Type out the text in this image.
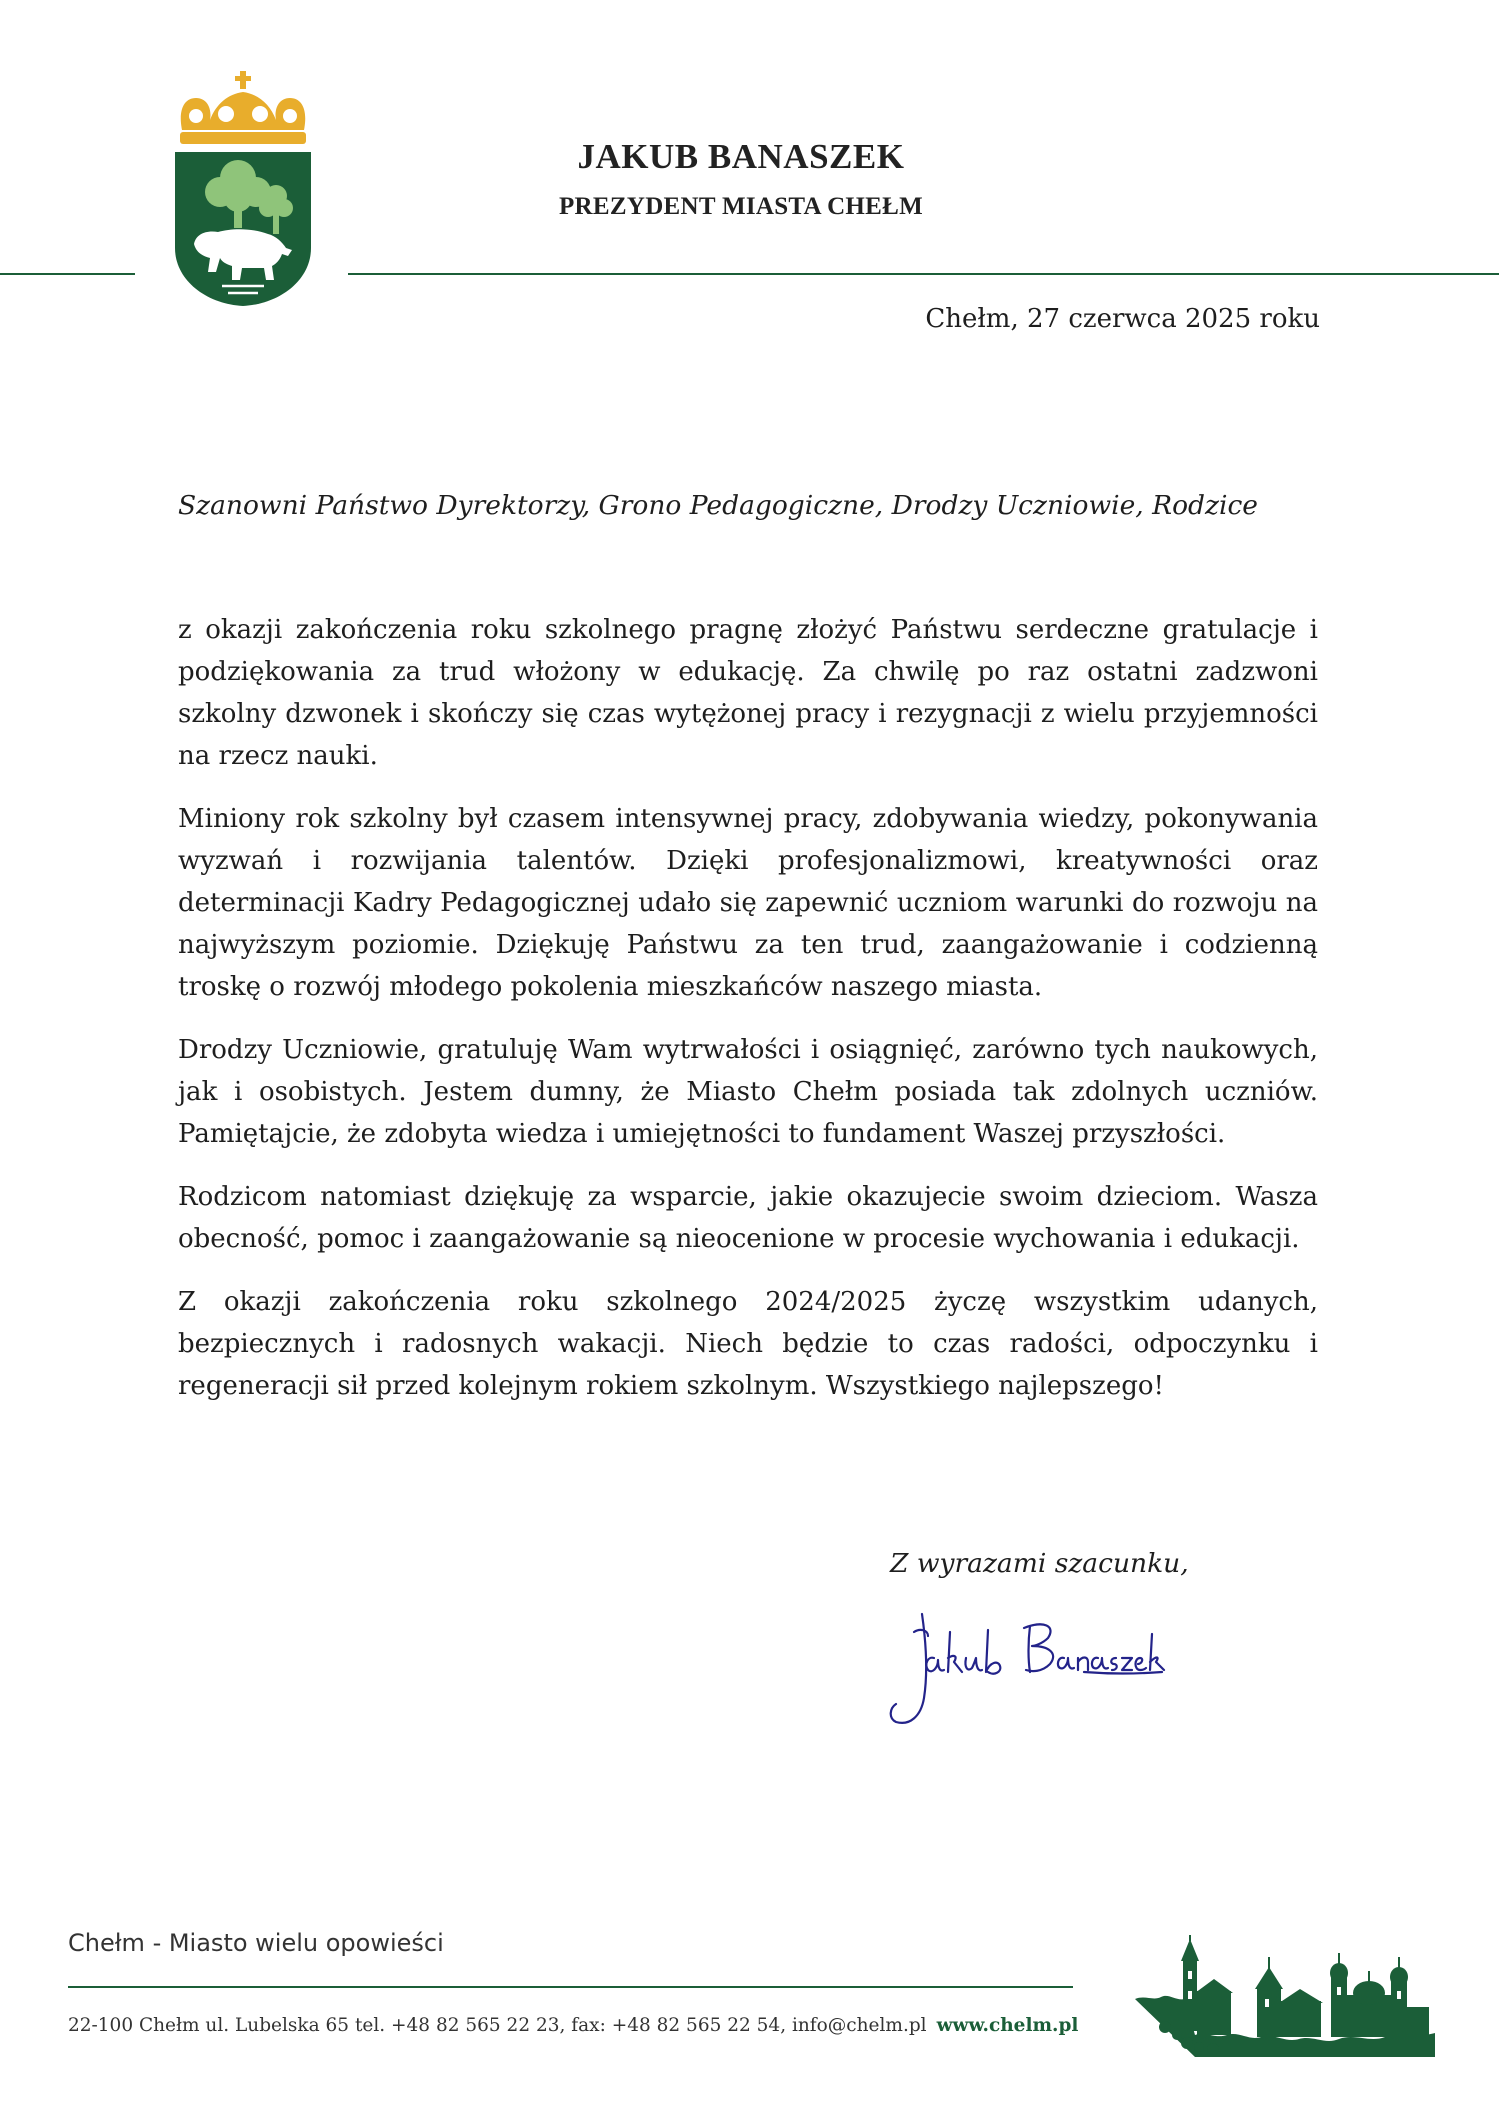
JAKUB BANASZEK
PREZYDENT MIASTA CHEŁM
Chełm, 27 czerwca 2025 roku
Szanowni Państwo Dyrektorzy, Grono Pedagogiczne, Drodzy Uczniowie, Rodzice

z okazji zakończenia roku szkolnego pragnę złożyć Państwu serdeczne gratulacje i podziękowania za trud włożony w edukację. Za chwilę po raz ostatni zadzwoni szkolny dzwonek i skończy się czas wytężonej pracy i rezygnacji z wielu przyjemności na rzecz nauki.

Miniony rok szkolny był czasem intensywnej pracy, zdobywania wiedzy, pokonywania wyzwań i rozwijania talentów. Dzięki profesjonalizmowi, kreatywności oraz determinacji Kadry Pedagogicznej udało się zapewnić uczniom warunki do rozwoju na najwyższym poziomie. Dziękuję Państwu za ten trud, zaangażowanie i codzienną troskę o rozwój młodego pokolenia mieszkańców naszego miasta.

Drodzy Uczniowie, gratuluję Wam wytrwałości i osiągnięć, zarówno tych naukowych, jak i osobistych. Jestem dumny, że Miasto Chełm posiada tak zdolnych uczniów. Pamiętajcie, że zdobyta wiedza i umiejętności to fundament Waszej przyszłości.

Rodzicom natomiast dziękuję za wsparcie, jakie okazujecie swoim dzieciom. Wasza obecność, pomoc i zaangażowanie są nieocenione w procesie wychowania i edukacji.

Z okazji zakończenia roku szkolnego 2024/2025 życzę wszystkim udanych, bezpiecznych i radosnych wakacji. Niech będzie to czas radości, odpoczynku i regeneracji sił przed kolejnym rokiem szkolnym. Wszystkiego najlepszego!

Z wyrazami szacunku,
Chełm - Miasto wielu opowieści
22-100 Chełm ul. Lubelska 65 tel. +48 82 565 22 23, fax: +48 82 565 22 54, info@chelm.pl www.chelm.pl
